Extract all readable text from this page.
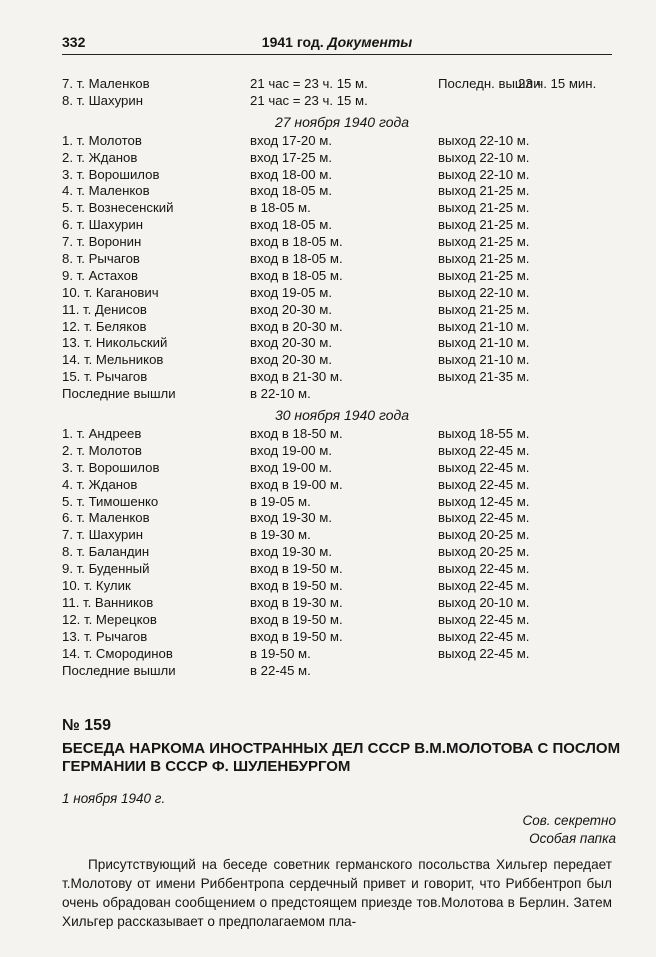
332	1941 год. Документы
7. т. Маленков	21 час = 23 ч. 15 м.	Последн. вышли
23 ч. 15 мин.
8. т. Шахурин	21 час = 23 ч. 15 м.
27 ноября 1940 года
1. т. Молотов	вход 17-20 м.	выход 22-10 м.
2. т. Жданов	вход 17-25 м.	выход 22-10 м.
3. т. Ворошилов	вход 18-00 м.	выход 22-10 м.
4. т. Маленков	вход 18-05 м.	выход 21-25 м.
5. т. Вознесенский	в 18-05 м.	выход 21-25 м.
6. т. Шахурин	вход 18-05 м.	выход 21-25 м.
7. т. Воронин	вход в 18-05 м.	выход 21-25 м.
8. т. Рычагов	вход в 18-05 м.	выход 21-25 м.
9. т. Астахов	вход в 18-05 м.	выход 21-25 м.
10. т. Каганович	вход 19-05 м.	выход 22-10 м.
11. т. Денисов	вход 20-30 м.	выход 21-25 м.
12. т. Беляков	вход в 20-30 м.	выход 21-10 м.
13. т. Никольский	вход 20-30 м.	выход 21-10 м.
14. т. Мельников	вход 20-30 м.	выход 21-10 м.
15. т. Рычагов	вход в 21-30 м.	выход 21-35 м.
Последние вышли	в 22-10 м.
30 ноября 1940 года
1. т. Андреев	вход в 18-50 м.	выход 18-55 м.
2. т. Молотов	вход 19-00 м.	выход 22-45 м.
3. т. Ворошилов	вход 19-00 м.	выход 22-45 м.
4. т. Жданов	вход в 19-00 м.	выход 22-45 м.
5. т. Тимошенко	в 19-05 м.	выход 12-45 м.
6. т. Маленков	вход 19-30 м.	выход 22-45 м.
7. т. Шахурин	в 19-30 м.	выход 20-25 м.
8. т. Баландин	вход 19-30 м.	выход 20-25 м.
9. т. Буденный	вход в 19-50 м.	выход 22-45 м.
10. т. Кулик	вход в 19-50 м.	выход 22-45 м.
11. т. Ванников	вход в 19-30 м.	выход 20-10 м.
12. т. Мерецков	вход в 19-50 м.	выход 22-45 м.
13. т. Рычагов	вход в 19-50 м.	выход 22-45 м.
14. т. Смородинов	в 19-50 м.	выход 22-45 м.
Последние вышли	в 22-45 м.
№ 159
БЕСЕДА НАРКОМА ИНОСТРАННЫХ ДЕЛ СССР В.М.МОЛОТОВА С ПОСЛОМ ГЕРМАНИИ В СССР Ф. ШУЛЕНБУРГОМ
1 ноября 1940 г.
Сов. секретно
Особая папка
Присутствующий на беседе советник германского посольства Хильгер передает т.Молотову от имени Риббентропа сердечный привет и говорит, что Риббентроп был очень обрадован сообщением о предстоящем приезде тов.Молотова в Берлин. Затем Хильгер рассказывает о предполагаемом пла-
